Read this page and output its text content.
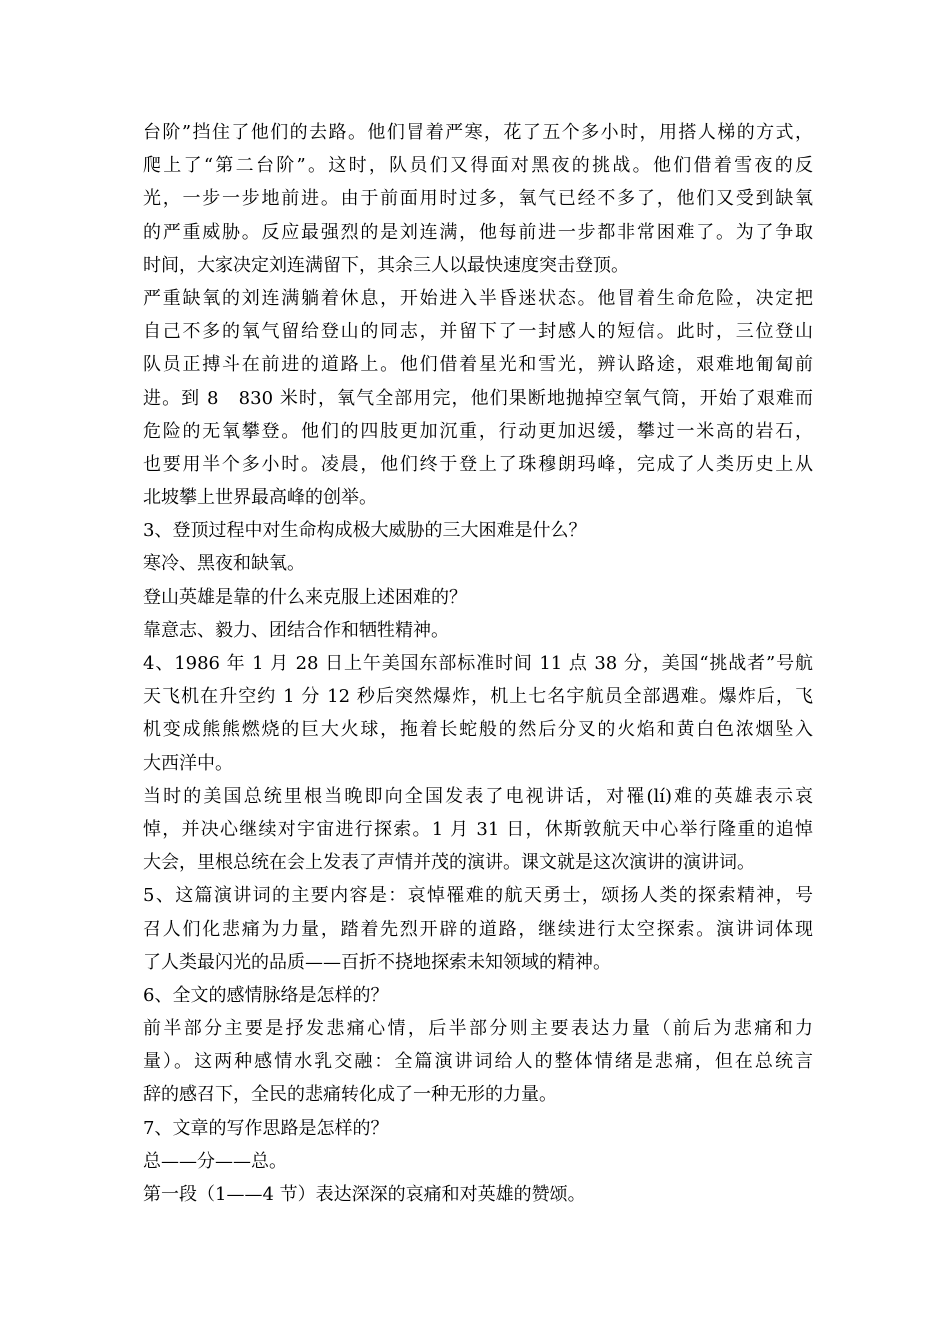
台阶”挡住了他们的去路。他们冒着严寒，花了五个多小时，用搭人梯的方式，
爬上了“第二台阶”。这时，队员们又得面对黑夜的挑战。他们借着雪夜的反
光，一步一步地前进。由于前面用时过多，氧气已经不多了，他们又受到缺氧
的严重威胁。反应最强烈的是刘连满，他每前进一步都非常困难了。为了争取
时间，大家决定刘连满留下，其余三人以最快速度突击登顶。
严重缺氧的刘连满躺着休息，开始进入半昏迷状态。他冒着生命危险，决定把
自己不多的氧气留给登山的同志，并留下了一封感人的短信。此时，三位登山
队员正搏斗在前进的道路上。他们借着星光和雪光，辨认路途，艰难地匍匐前
进。到 8　830 米时，氧气全部用完，他们果断地抛掉空氧气筒，开始了艰难而
危险的无氧攀登。他们的四肢更加沉重，行动更加迟缓，攀过一米高的岩石，
也要用半个多小时。凌晨，他们终于登上了珠穆朗玛峰，完成了人类历史上从
北坡攀上世界最高峰的创举。
3、登顶过程中对生命构成极大威胁的三大困难是什么？
寒冷、黑夜和缺氧。
登山英雄是靠的什么来克服上述困难的？
靠意志、毅力、团结合作和牺牲精神。
4、1986 年 1 月 28 日上午美国东部标准时间 11 点 38 分，美国“挑战者”号航
天飞机在升空约 1 分 12 秒后突然爆炸，机上七名宇航员全部遇难。爆炸后，飞
机变成熊熊燃烧的巨大火球，拖着长蛇般的然后分叉的火焰和黄白色浓烟坠入
大西洋中。
当时的美国总统里根当晚即向全国发表了电视讲话，对罹(lí)难的英雄表示哀
悼，并决心继续对宇宙进行探索。1 月 31 日，休斯敦航天中心举行隆重的追悼
大会，里根总统在会上发表了声情并茂的演讲。课文就是这次演讲的演讲词。
5、这篇演讲词的主要内容是：哀悼罹难的航天勇士，颂扬人类的探索精神，号
召人们化悲痛为力量，踏着先烈开辟的道路，继续进行太空探索。演讲词体现
了人类最闪光的品质——百折不挠地探索未知领域的精神。
6、全文的感情脉络是怎样的？
前半部分主要是抒发悲痛心情，后半部分则主要表达力量（前后为悲痛和力
量）。这两种感情水乳交融：全篇演讲词给人的整体情绪是悲痛，但在总统言
辞的感召下，全民的悲痛转化成了一种无形的力量。
7、文章的写作思路是怎样的？
总——分——总。
第一段（1——4 节）表达深深的哀痛和对英雄的赞颂。
